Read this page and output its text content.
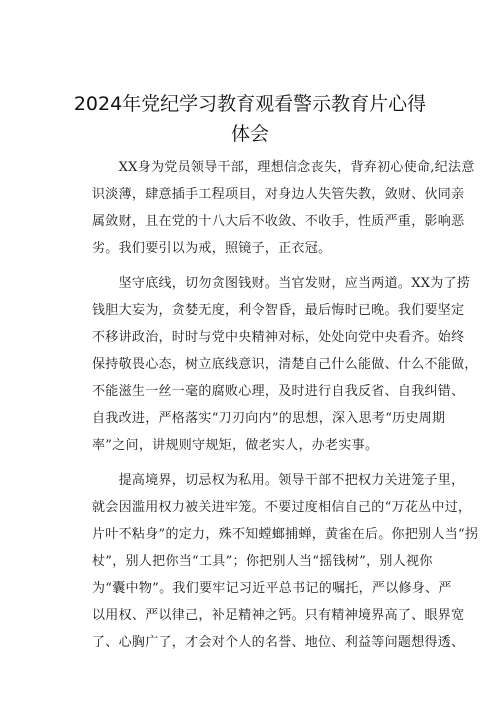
2024年党纪学习教育观看警示教育片心得
体会
　　XX身为党员领导干部，理想信念丧失，背弃初心使命,纪法意
识淡薄，肆意插手工程项目，对身边人失管失教，敛财、伙同亲
属敛财，且在党的十八大后不收敛、不收手，性质严重，影响恶
劣。我们要引以为戒，照镜子，正衣冠。
　　坚守底线，切勿贪图钱财。当官发财，应当两道。XX为了捞
钱胆大妄为，贪婪无度，利令智昏，最后悔时已晚。我们要坚定
不移讲政治，时时与党中央精神对标，处处向党中央看齐。始终
保持敬畏心态，树立底线意识，清楚自己什么能做、什么不能做，
不能滋生一丝一毫的腐败心理，及时进行自我反省、自我纠错、
自我改进，严格落实“刀刃向内”的思想，深入思考“历史周期
率”之问，讲规则守规矩，做老实人，办老实事。
　　提高境界，切忌权为私用。领导干部不把权力关进笼子里，
就会因滥用权力被关进牢笼。不要过度相信自己的“万花丛中过，
片叶不粘身”的定力，殊不知螳螂捕蝉，黄雀在后。你把别人当“拐
杖”，别人把你当“工具”；你把别人当“摇钱树”，别人视你
为“囊中物”。我们要牢记习近平总书记的嘱托，严以修身、严
以用权、严以律己，补足精神之钙。只有精神境界高了、眼界宽
了、心胸广了，才会对个人的名誉、地位、利益等问题想得透、
